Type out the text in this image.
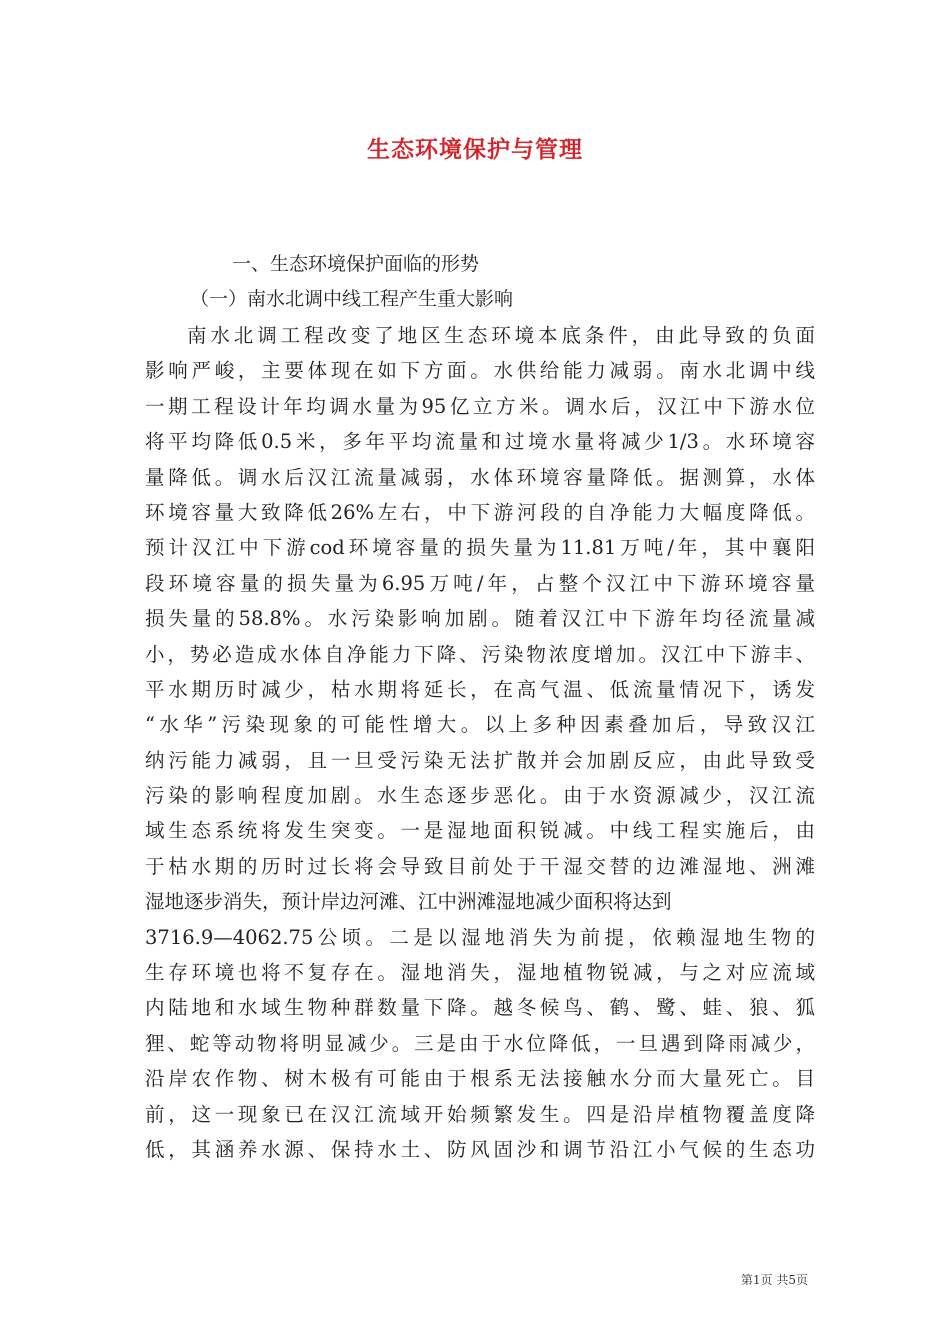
生态环境保护与管理

一、生态环境保护面临的形势

（一）南水北调中线工程产生重大影响

南水北调工程改变了地区生态环境本底条件，由此导致的负面
影响严峻，主要体现在如下方面。水供给能力减弱。南水北调中线
一期工程设计年均调水量为95亿立方米。调水后，汉江中下游水位
将平均降低0.5米，多年平均流量和过境水量将减少1/3。水环境容
量降低。调水后汉江流量减弱，水体环境容量降低。据测算，水体
环境容量大致降低26%左右，中下游河段的自净能力大幅度降低。
预计汉江中下游cod环境容量的损失量为11.81万吨/年，其中襄阳
段环境容量的损失量为6.95万吨/年，占整个汉江中下游环境容量
损失量的58.8%。水污染影响加剧。随着汉江中下游年均径流量减
小，势必造成水体自净能力下降、污染物浓度增加。汉江中下游丰、
平水期历时减少，枯水期将延长，在高气温、低流量情况下，诱发
“水华”污染现象的可能性增大。以上多种因素叠加后，导致汉江
纳污能力减弱，且一旦受污染无法扩散并会加剧反应，由此导致受
污染的影响程度加剧。水生态逐步恶化。由于水资源减少，汉江流
域生态系统将发生突变。一是湿地面积锐减。中线工程实施后，由
于枯水期的历时过长将会导致目前处于干湿交替的边滩湿地、洲滩
湿地逐步消失，预计岸边河滩、江中洲滩湿地减少面积将达到
3716.9—4062.75公顷。二是以湿地消失为前提，依赖湿地生物的
生存环境也将不复存在。湿地消失，湿地植物锐减，与之对应流域
内陆地和水域生物种群数量下降。越冬候鸟、鹤、鹭、蛙、狼、狐
狸、蛇等动物将明显减少。三是由于水位降低，一旦遇到降雨减少，
沿岸农作物、树木极有可能由于根系无法接触水分而大量死亡。目
前，这一现象已在汉江流域开始频繁发生。四是沿岸植物覆盖度降
低，其涵养水源、保持水土、防风固沙和调节沿江小气候的生态功
第1页 共5页
